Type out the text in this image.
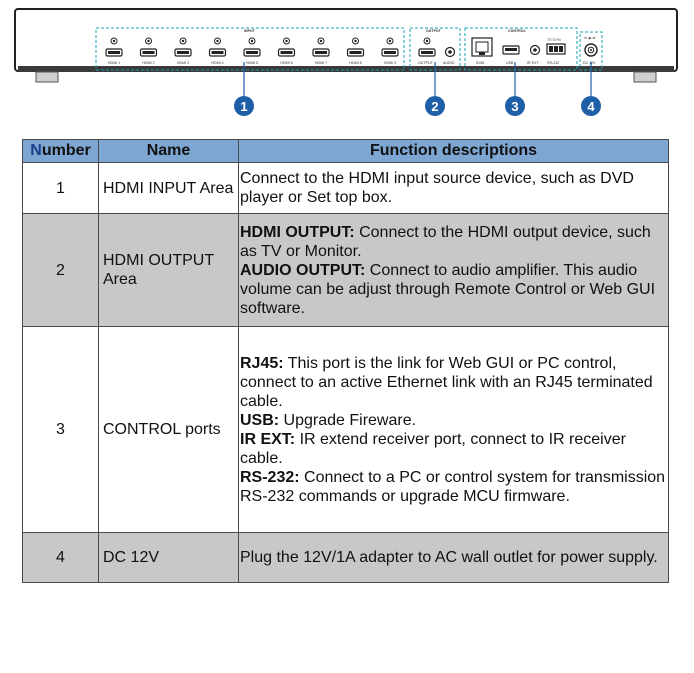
INPUT	OUTPUT	CONTROL
HDMI 1	HDMI 2	HDMI 3	HDMI 4	HDMI 5	HDMI 6	HDMI 7	HDMI 8	HDMI 9	OUTPUT	AUDIO	RJ45	USB	IR EXT
TX G Rx
RS-232
⊖-◉-⊕
DC 12V
1	2	3	4
Number	Name	Function descriptions
1	HDMI INPUT Area	Connect to the HDMI input source device, such as DVD player or Set top box.

2	HDMI OUTPUT Area	HDMI OUTPUT: Connect to the HDMI output device, such as TV or Monitor.
AUDIO OUTPUT: Connect to audio amplifier. This audio volume can be adjust through Remote Control or Web GUI software.

3	CONTROL ports	RJ45: This port is the link for Web GUI or PC control, connect to an active Ethernet link with an RJ45 terminated cable.
USB: Upgrade Fireware.
IR EXT: IR extend receiver port, connect to IR receiver cable.
RS-232: Connect to a PC or control system for transmission RS-232 commands or upgrade MCU firmware.

4	DC 12V	Plug the 12V/1A adapter to AC wall outlet for power supply.
